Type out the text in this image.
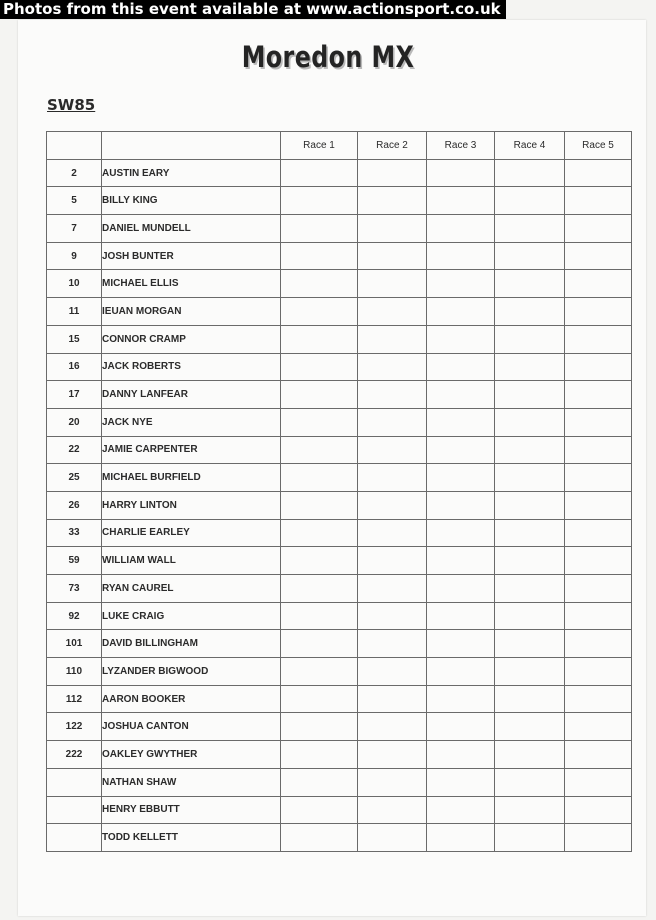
Photos from this event available at www.actionsport.co.uk
Moredon MX
SW85
		Race 1	Race 2	Race 3	Race 4	Race 5
2	AUSTIN EARY					
5	BILLY KING					
7	DANIEL MUNDELL					
9	JOSH BUNTER					
10	MICHAEL ELLIS					
11	IEUAN MORGAN					
15	CONNOR CRAMP					
16	JACK ROBERTS					
17	DANNY LANFEAR					
20	JACK NYE					
22	JAMIE CARPENTER					
25	MICHAEL BURFIELD					
26	HARRY LINTON					
33	CHARLIE EARLEY					
59	WILLIAM WALL					
73	RYAN CAUREL					
92	LUKE CRAIG					
101	DAVID BILLINGHAM					
110	LYZANDER BIGWOOD					
112	AARON BOOKER					
122	JOSHUA CANTON					
222	OAKLEY GWYTHER					
	NATHAN SHAW					
	HENRY EBBUTT					
	TODD KELLETT					
